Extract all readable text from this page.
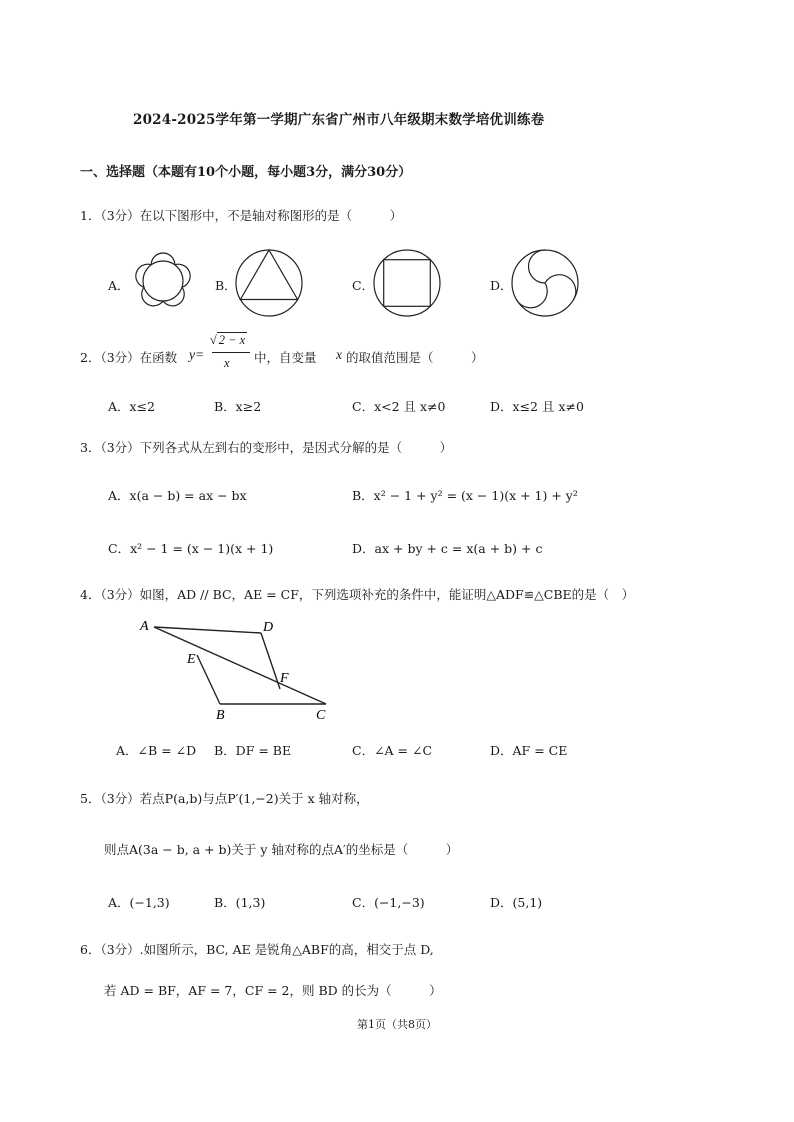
2024-2025学年第一学期广东省广州市八年级期末数学培优训练卷
一、选择题（本题有10个小题，每小题3分，满分30分）
1．（3分）在以下图形中，不是轴对称图形的是（　　　）
A．	B．	C．	D．
2．（3分）在函数 y=
√ 2 − x
x 中，自变量 x 的取值范围是（　　　）
A．x≤2	B．x≥2	C．x<2 且 x≠0	D．x≤2 且 x≠0
3．（3分）下列各式从左到右的变形中，是因式分解的是（　　　）
A．x(a − b) = ax − bx	B．x² − 1 + y² = (x − 1)(x + 1) + y²
C．x² − 1 = (x − 1)(x + 1)	D．ax + by + c = x(a + b) + c
4．（3分）如图，AD // BC，AE = CF，下列选项补充的条件中，能证明△ADF≌△CBE的是（　）
A	D
E
F
B	C
A．∠B = ∠D B．DF = BE	C．∠A = ∠C	D．AF = CE
5．（3分）若点P(a,b)与点P′(1,−2)关于 x 轴对称，
则点A(3a − b, a + b)关于 y 轴对称的点A′的坐标是（　　　）
A．(−1,3)	B．(1,3)	C．(−1,−3)	D．(5,1)
6．（3分）.如图所示，BC, AE 是锐角△ABF的高，相交于点 D,
若 AD = BF，AF = 7，CF = 2，则 BD 的长为（　　　）
第1页（共8页）
